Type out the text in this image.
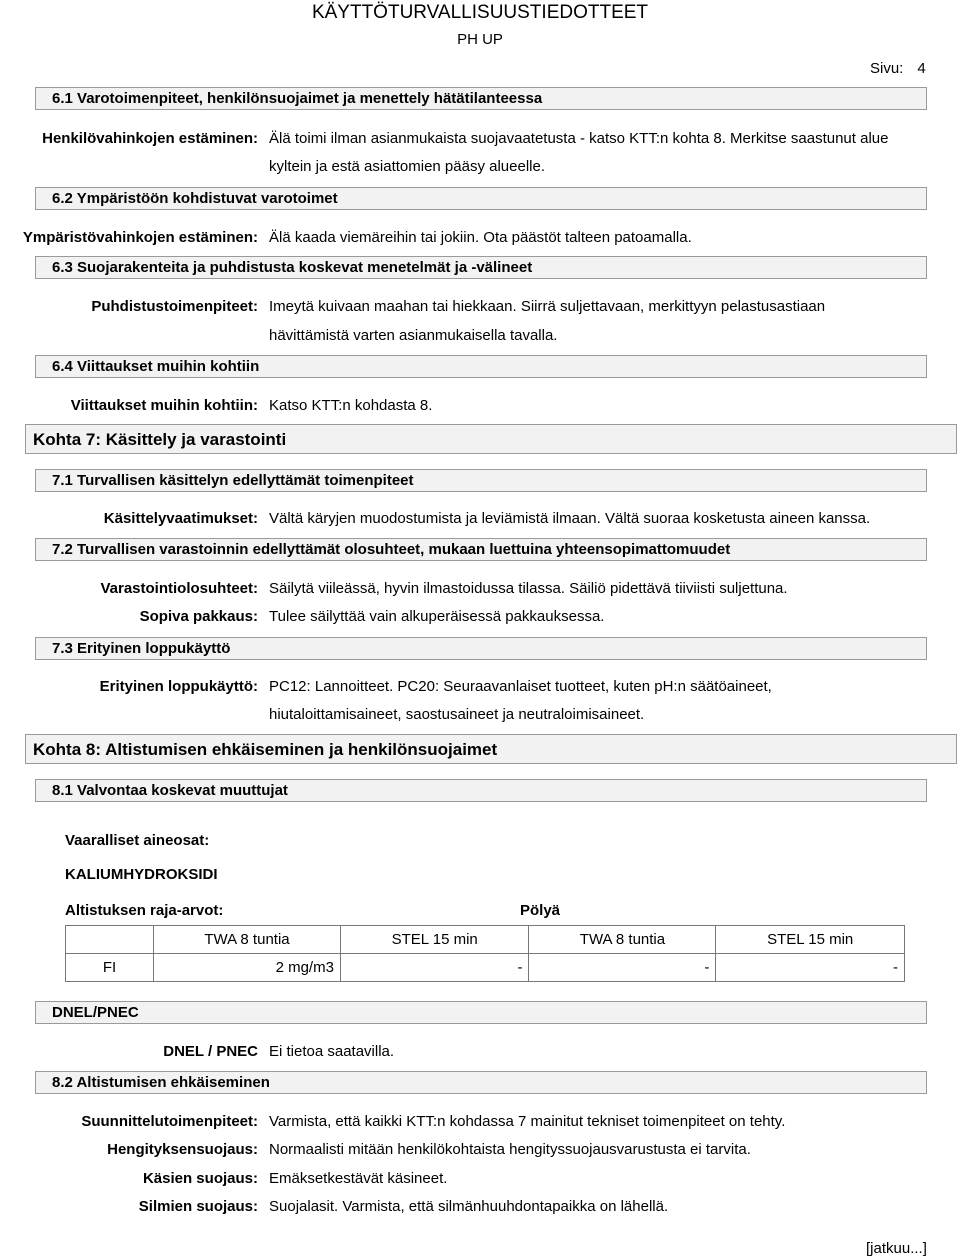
KÄYTTÖTURVALLISUUSTIEDOTTEET
PH UP
Sivu: 4
6.1 Varotoimenpiteet, henkilönsuojaimet ja menettely hätätilanteessa
Henkilövahinkojen estäminen: Älä toimi ilman asianmukaista suojavaatetusta - katso KTT:n kohta 8. Merkitse saastunut alue
kyltein ja estä asiattomien pääsy alueelle.
6.2 Ympäristöön kohdistuvat varotoimet
Ympäristövahinkojen estäminen: Älä kaada viemäreihin tai jokiin. Ota päästöt talteen patoamalla.
6.3 Suojarakenteita ja puhdistusta koskevat menetelmät ja -välineet
Puhdistustoimenpiteet: Imeytä kuivaan maahan tai hiekkaan. Siirrä suljettavaan, merkittyyn pelastusastiaan
hävittämistä varten asianmukaisella tavalla.
6.4 Viittaukset muihin kohtiin
Viittaukset muihin kohtiin: Katso KTT:n kohdasta 8.
Kohta 7: Käsittely ja varastointi
7.1 Turvallisen käsittelyn edellyttämät toimenpiteet
Käsittelyvaatimukset: Vältä käryjen muodostumista ja leviämistä ilmaan. Vältä suoraa kosketusta aineen kanssa.
7.2 Turvallisen varastoinnin edellyttämät olosuhteet, mukaan luettuina yhteensopimattomuudet
Varastointiolosuhteet: Säilytä viileässä, hyvin ilmastoidussa tilassa. Säiliö pidettävä tiiviisti suljettuna.
Sopiva pakkaus: Tulee säilyttää vain alkuperäisessä pakkauksessa.
7.3 Erityinen loppukäyttö
Erityinen loppukäyttö: PC12: Lannoitteet. PC20: Seuraavanlaiset tuotteet, kuten pH:n säätöaineet,
hiutaloittamisaineet, saostusaineet ja neutraloimisaineet.
Kohta 8: Altistumisen ehkäiseminen ja henkilönsuojaimet
8.1 Valvontaa koskevat muuttujat
Vaaralliset aineosat:
KALIUMHYDROKSIDI
Altistuksen raja-arvot:	Pölyä
	TWA 8 tuntia	STEL 15 min	TWA 8 tuntia	STEL 15 min
FI	2 mg/m3	-	-	-
DNEL/PNEC
DNEL / PNEC Ei tietoa saatavilla.
8.2 Altistumisen ehkäiseminen
Suunnittelutoimenpiteet: Varmista, että kaikki KTT:n kohdassa 7 mainitut tekniset toimenpiteet on tehty.
Hengityksensuojaus: Normaalisti mitään henkilökohtaista hengityssuojausvarustusta ei tarvita.
Käsien suojaus: Emäksetkestävät käsineet.
Silmien suojaus: Suojalasit. Varmista, että silmänhuuhdontapaikka on lähellä.
[jatkuu...]
